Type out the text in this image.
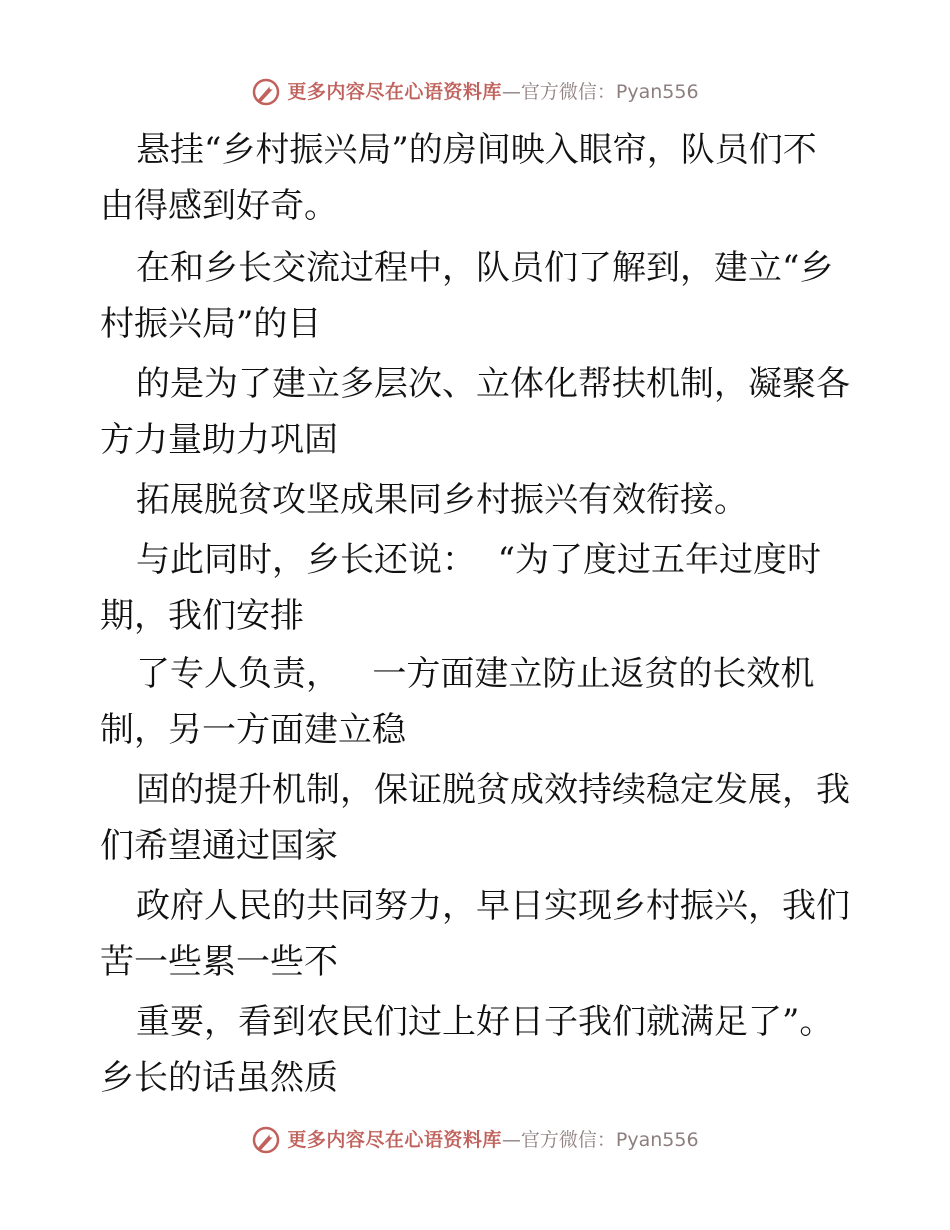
更多内容尽在心语资料库 —官方微信：Pyan556
悬挂“乡村振兴局”的房间映入眼帘，队员们不
由得感到好奇。
在和乡长交流过程中，队员们了解到，建立“乡
村振兴局”的目
的是为了建立多层次、立体化帮扶机制，凝聚各
方力量助力巩固
拓展脱贫攻坚成果同乡村振兴有效衔接。
与此同时，乡长还说：  “为了度过五年过度时
期，我们安排
了专人负责，   一方面建立防止返贫的长效机
制，另一方面建立稳
固的提升机制，保证脱贫成效持续稳定发展，我
们希望通过国家
政府人民的共同努力，早日实现乡村振兴，我们
苦一些累一些不
重要，看到农民们过上好日子我们就满足了”。
乡长的话虽然质
更多内容尽在心语资料库 —官方微信：Pyan556
